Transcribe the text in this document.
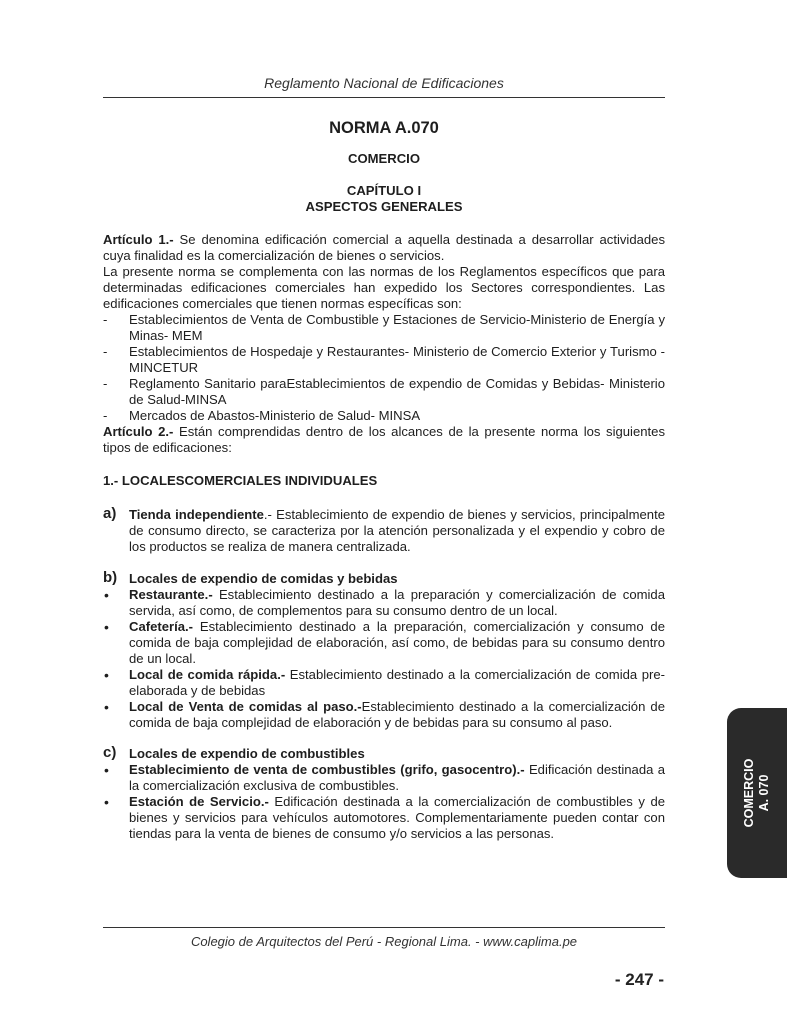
Reglamento Nacional de Edificaciones
NORMA A.070
COMERCIO
CAPÍTULO I
ASPECTOS GENERALES

Artículo 1.- Se denomina edificación comercial a aquella destinada a desarrollar actividades cuya finalidad es la comercialización de bienes o servicios.

La presente norma se complementa con las normas de los Reglamentos específicos que para determinadas edificaciones comerciales han expedido los Sectores correspondientes. Las edificaciones comerciales que tienen normas específicas son:

- Establecimientos de Venta de Combustible y Estaciones de Servicio-Ministerio de Energía y Minas- MEM
- Establecimientos de Hospedaje y Restaurantes- Ministerio de Comercio Exterior y Turismo - MINCETUR
- Reglamento Sanitario paraEstablecimientos de expendio de Comidas y Bebidas- Ministerio de Salud-MINSA
- Mercados de Abastos-Ministerio de Salud- MINSA

Artículo 2.- Están comprendidas dentro de los alcances de la presente norma los siguientes tipos de edificaciones:

1.- LOCALESCOMERCIALES INDIVIDUALES
a) Tienda independiente.- Establecimiento de expendio de bienes y servicios, principalmente de consumo directo, se caracteriza por la atención personalizada y el expendio y cobro de los productos se realiza de manera centralizada.
b) Locales de expendio de comidas y bebidas
• Restaurante.- Establecimiento destinado a la preparación y comercialización de comida servida, así como, de complementos para su consumo dentro de un local.
• Cafetería.- Establecimiento destinado a la preparación, comercialización y consumo de comida de baja complejidad de elaboración, así como, de bebidas para su consumo dentro de un local.
• Local de comida rápida.- Establecimiento destinado a la comercialización de comida pre-elaborada y de bebidas
• Local de Venta de comidas al paso.-Establecimiento destinado a la comercialización de comida de baja complejidad de elaboración y de bebidas para su consumo al paso.
c) Locales de expendio de combustibles
• Establecimiento de venta de combustibles (grifo, gasocentro).- Edificación destinada a la comercialización exclusiva de combustibles.
• Estación de Servicio.- Edificación destinada a la comercialización de combustibles y de bienes y servicios para vehículos automotores. Complementariamente pueden contar con tiendas para la venta de bienes de consumo y/o servicios a las personas.
Colegio de Arquitectos del Perú - Regional Lima. - www.caplima.pe
- 247 -
COMERCIO A. 070
